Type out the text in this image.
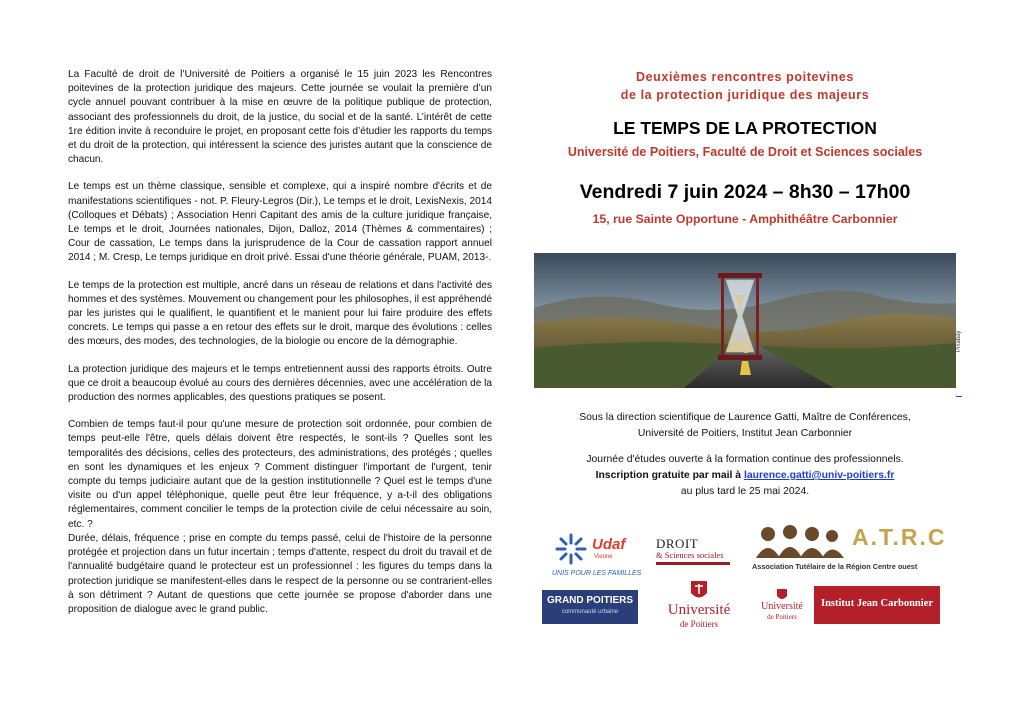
La Faculté de droit de l’Université de Poitiers a organisé le 15 juin 2023 les Rencontres poitevines de la protection juridique des majeurs. Cette journée se voulait la première d’un cycle annuel pouvant contribuer à la mise en œuvre de la politique publique de protection, associant des professionnels du droit, de la justice, du social et de la santé. L’intérêt de cette 1re édition invite à reconduire le projet, en proposant cette fois d’étudier les rapports du temps et du droit de la protection, qui intéressent la science des juristes autant que la conscience de chacun.

Le temps est un thème classique, sensible et complexe, qui a inspiré nombre d'écrits et de manifestations scientifiques - not. P. Fleury-Legros (Dir.), Le temps et le droit, LexisNexis, 2014 (Colloques et Débats) ; Association Henri Capitant des amis de la culture juridique française, Le temps et le droit, Journées nationales, Dijon, Dalloz, 2014 (Thèmes & commentaires) ; Cour de cassation, Le temps dans la jurisprudence de la Cour de cassation rapport annuel 2014 ; M. Cresp, Le temps juridique en droit privé. Essai d'une théorie générale, PUAM, 2013-.

Le temps de la protection est multiple, ancré dans un réseau de relations et dans l'activité des hommes et des systèmes. Mouvement ou changement pour les philosophes, il est appréhendé par les juristes qui le qualifient, le quantifient et le manient pour lui faire produire des effets concrets. Le temps qui passe a en retour des effets sur le droit, marque des évolutions : celles des mœurs, des modes, des technologies, de la biologie ou encore de la démographie.

La protection juridique des majeurs et le temps entretiennent aussi des rapports étroits. Outre que ce droit a beaucoup évolué au cours des dernières décennies, avec une accélération de la production des normes applicables, des questions pratiques se posent.

Combien de temps faut-il pour qu'une mesure de protection soit ordonnée, pour combien de temps peut-elle l'être, quels délais doivent être respectés, le sont-ils ? Quelles sont les temporalités des décisions, celles des protecteurs, des administrations, des protégés ; quelles en sont les dynamiques et les enjeux ? Comment distinguer l'important de l'urgent, tenir compte du temps judiciaire autant que de la gestion institutionnelle ? Quel est le temps d'une visite ou d'un appel téléphonique, quelle peut être leur fréquence, y a-t-il des obligations réglementaires, comment concilier le temps de la protection civile de celui nécessaire au soin, etc. ?

Durée, délais, fréquence ; prise en compte du temps passé, celui de l'histoire de la personne protégée et projection dans un futur incertain ; temps d'attente, respect du droit du travail et de l'annualité budgétaire quand le protecteur est un professionnel : les figures du temps dans la protection juridique se manifestent-elles dans le respect de la personne ou se contrarient-elles à son détriment ? Autant de questions que cette journée se propose d'aborder dans une proposition de dialogue avec le grand public.

Deuxièmes rencontres poitevines
de la protection juridique des majeurs
LE TEMPS DE LA PROTECTION
Université de Poitiers, Faculté de Droit et Sciences sociales
Vendredi 7 juin 2024 – 8h30 – 17h00
15, rue Sainte Opportune - Amphithéâtre Carbonnier
Pixabay
Sous la direction scientifique de Laurence Gatti, Maître de Conférences,
Université de Poitiers, Institut Jean Carbonnier
Journée d'études ouverte à la formation continue des professionnels.
Inscription gratuite par mail à laurence.gatti@univ-poitiers.fr
au plus tard le 25 mai 2024.
Udaf
Vienne
UNIS POUR LES FAMILLES
DROIT
& Sciences sociales
A.T.R.C
Association Tutélaire de la Région Centre ouest
GRAND POITIERS
communauté urbaine	Université
de Poitiers
Université
de Poitiers
Institut Jean Carbonnier
